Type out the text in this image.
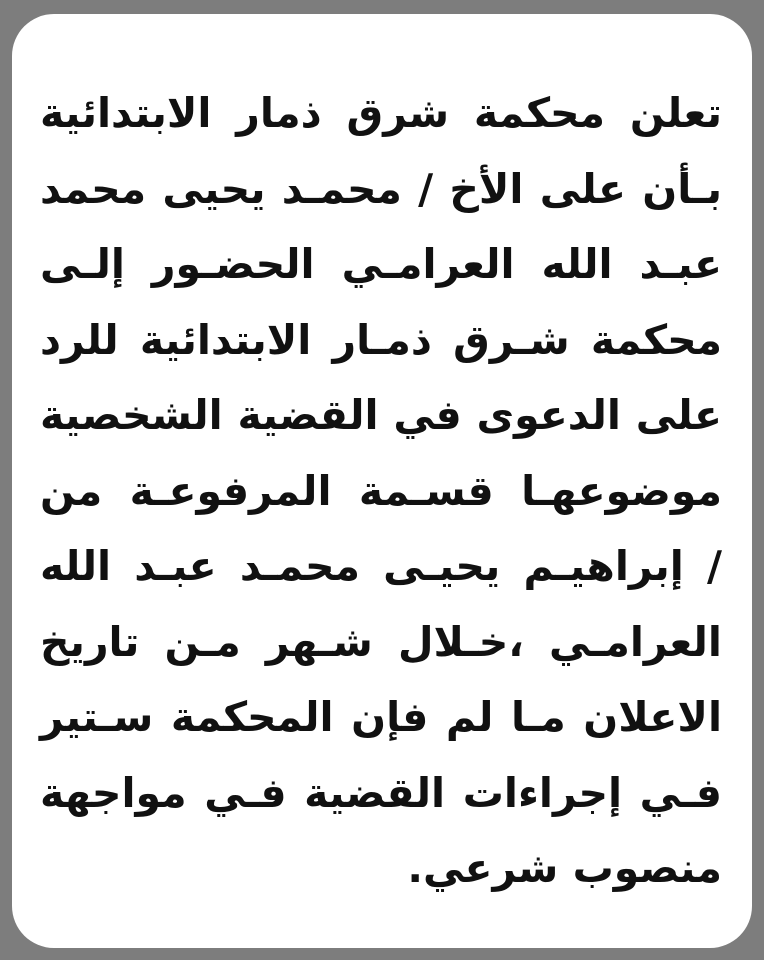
تعلن محكمة شرق ذمار الابتدائية
بـأن على الأخ / محمـد يحيى محمد
عبـد الله العرامـي الحضـور إلـى
محكمة شـرق ذمـار الابتدائية للرد
على الدعوى في القضية الشخصية
موضوعهـا قسـمة المرفوعـة من
/ إبراهيـم يحيـى محمـد عبـد الله
العرامـي ،خـلال شـهر مـن تاريخ
الاعلان مـا لم فإن المحكمة سـتير
فـي إجراءات القضية فـي مواجهة
منصوب شرعي.
